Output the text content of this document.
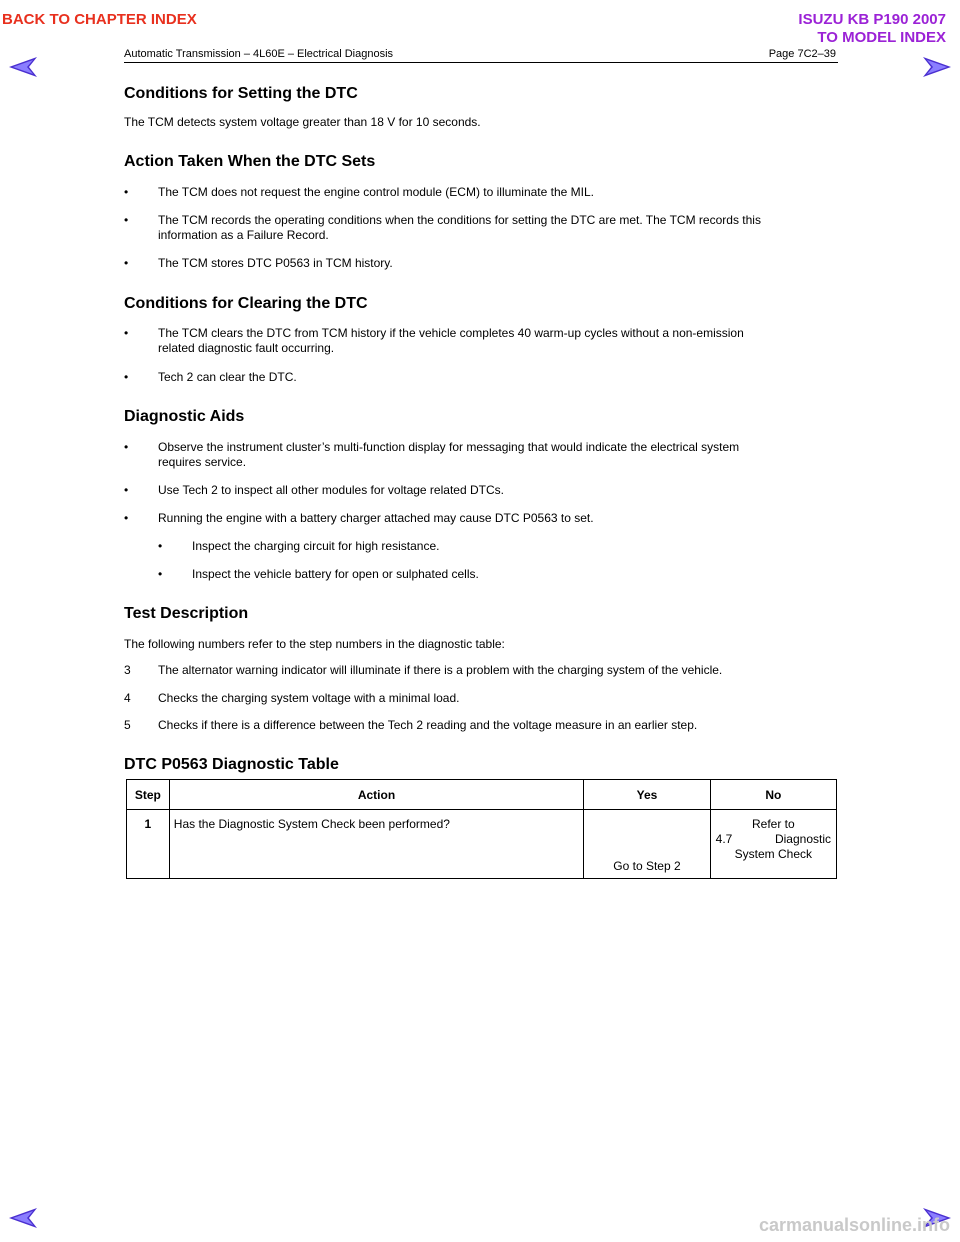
BACK TO CHAPTER INDEX	ISUZU KB P190 2007
TO MODEL INDEX
Automatic Transmission – 4L60E – Electrical Diagnosis	Page 7C2–39
Conditions for Setting the DTC
The TCM detects system voltage greater than 18 V for 10 seconds.
Action Taken When the DTC Sets
• The TCM does not request the engine control module (ECM) to illuminate the MIL.
• The TCM records the operating conditions when the conditions for setting the DTC are met. The TCM records this
information as a Failure Record.
• The TCM stores DTC P0563 in TCM history.
Conditions for Clearing the DTC
• The TCM clears the DTC from TCM history if the vehicle completes 40 warm-up cycles without a non-emission
related diagnostic fault occurring.
• Tech 2 can clear the DTC.
Diagnostic Aids
• Observe the instrument cluster’s multi-function display for messaging that would indicate the electrical system
requires service.
• Use Tech 2 to inspect all other modules for voltage related DTCs.
• Running the engine with a battery charger attached may cause DTC P0563 to set.
• Inspect the charging circuit for high resistance.
• Inspect the vehicle battery for open or sulphated cells.
Test Description
The following numbers refer to the step numbers in the diagnostic table:
3 The alternator warning indicator will illuminate if there is a problem with the charging system of the vehicle.
4 Checks the charging system voltage with a minimal load.
5 Checks if there is a difference between the Tech 2 reading and the voltage measure in an earlier step.
DTC P0563 Diagnostic Table
Step	Action	Yes	No
1	Has the Diagnostic System Check been performed?	Go to Step 2	Refer to
4.7 Diagnostic
System Check
carmanualsonline.info
